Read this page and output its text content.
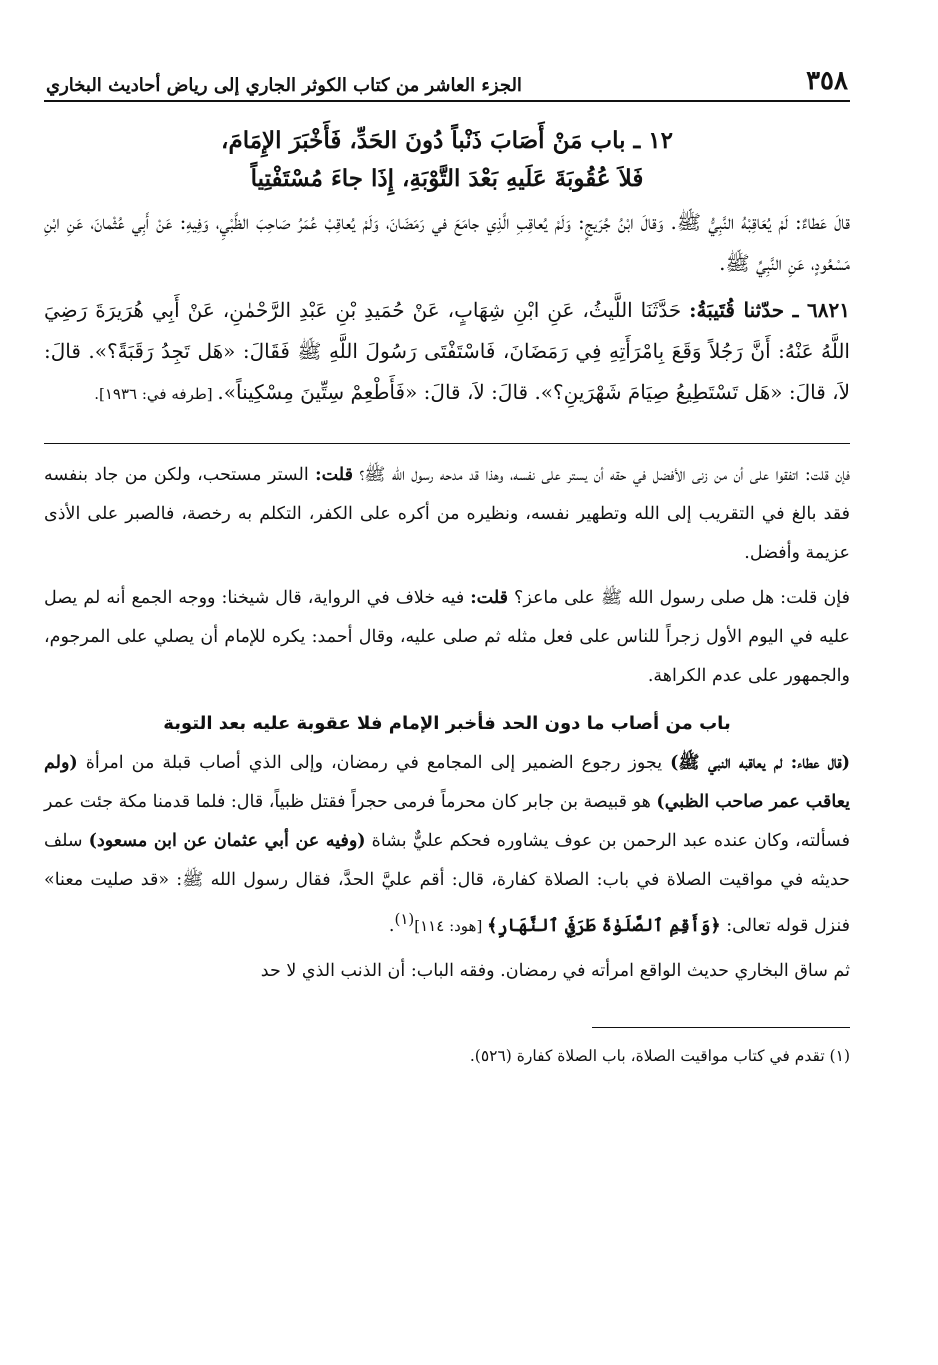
٣٥٨
الجزء العاشر من كتاب الكوثر الجاري إلى رياض أحاديث البخاري
١٢ ـ باب مَنْ أَصَابَ ذَنْباً دُونَ الحَدِّ، فَأَخْبَرَ الإِمَامَ،
فَلاَ عُقُوبَةَ عَلَيهِ بَعْدَ التَّوْبَةِ، إِذَا جاءَ مُسْتَفْتِياً

قالَ عَطاءٌ: لَمْ يُعَاقِبْهُ النَّبِيُّ ﷺ. وَقالَ ابْنُ جُرَيجٍ: وَلَمْ يُعاقِبِ الَّذِي جامَعَ في رَمَضَانَ، وَلَمْ يُعاقِبْ عُمَرُ صَاحِبَ الظَّبْيِ، وَفِيهِ: عَنْ أَبِي عُثْمانَ، عَنِ ابْنِ مَسْعُودٍ، عَنِ النَّبِيِّ ﷺ.

٦٨٢١ ـ حدّثنا قُتَيبَةُ: حَدَّثَنَا اللَّيثُ، عَنِ ابْنِ شِهَابٍ، عَنْ حُمَيدِ بْنِ عَبْدِ الرَّحْمٰنِ، عَنْ أَبِي هُرَيرَةَ رَضِيَ اللَّهُ عَنْهُ: أَنَّ رَجُلاً وَقَعَ بِامْرَأَتِهِ فِي رَمَضَانَ، فَاسْتَفْتَى رَسُولَ اللَّهِ ﷺ فَقَالَ: «هَل تَجِدُ رَقَبَةً؟». قالَ: لاَ، قالَ: «هَل تَسْتَطِيعُ صِيَامَ شَهْرَينِ؟». قالَ: لاَ، قالَ: «فَأَطْعِمْ سِتِّينَ مِسْكِيناً». [طرفه في: ١٩٣٦].

فإن قلت: اتفقوا على أن من زنى الأفضل في حقه أن يستر على نفسه، وهذا قد مدحه رسول الله ﷺ؟ قلت: الستر مستحب، ولكن من جاد بنفسه فقد بالغ في التقريب إلى الله وتطهير نفسه، ونظيره من أكره على الكفر، التكلم به رخصة، فالصبر على الأذى عزيمة وأفضل.

فإن قلت: هل صلى رسول الله ﷺ على ماعز؟ قلت: فيه خلاف في الرواية، قال شيخنا: ووجه الجمع أنه لم يصل عليه في اليوم الأول زجراً للناس على فعل مثله ثم صلى عليه، وقال أحمد: يكره للإمام أن يصلي على المرجوم، والجمهور على عدم الكراهة.

باب من أصاب ما دون الحد فأخبر الإمام فلا عقوبة عليه بعد التوبة

(قال عطاء: لم يعاقبه النبي ﷺ) يجوز رجوع الضمير إلى المجامع في رمضان، وإلى الذي أصاب قبلة من امرأة (ولم يعاقب عمر صاحب الظبي) هو قبيصة بن جابر كان محرماً فرمى حجراً فقتل ظبياً، قال: فلما قدمنا مكة جئت عمر فسألته، وكان عنده عبد الرحمن بن عوف يشاوره فحكم عليٌّ بشاة (وفيه عن أبي عثمان عن ابن مسعود) سلف حديثه في مواقيت الصلاة في باب: الصلاة كفارة، قال: أقم عليَّ الحدَّ، فقال رسول الله ﷺ: «قد صليت معنا» فنزل قوله تعالى: ﴿وَأَقِمِ ٱلصَّلَوٰةَ طَرَفَيِ ٱلنَّهَارِ﴾ [هود: ١١٤]$^{(١)}$.

ثم ساق البخاري حديث الواقع امرأته في رمضان. وفقه الباب: أن الذنب الذي لا حد

(١) تقدم في كتاب مواقيت الصلاة، باب الصلاة كفارة (٥٢٦).
